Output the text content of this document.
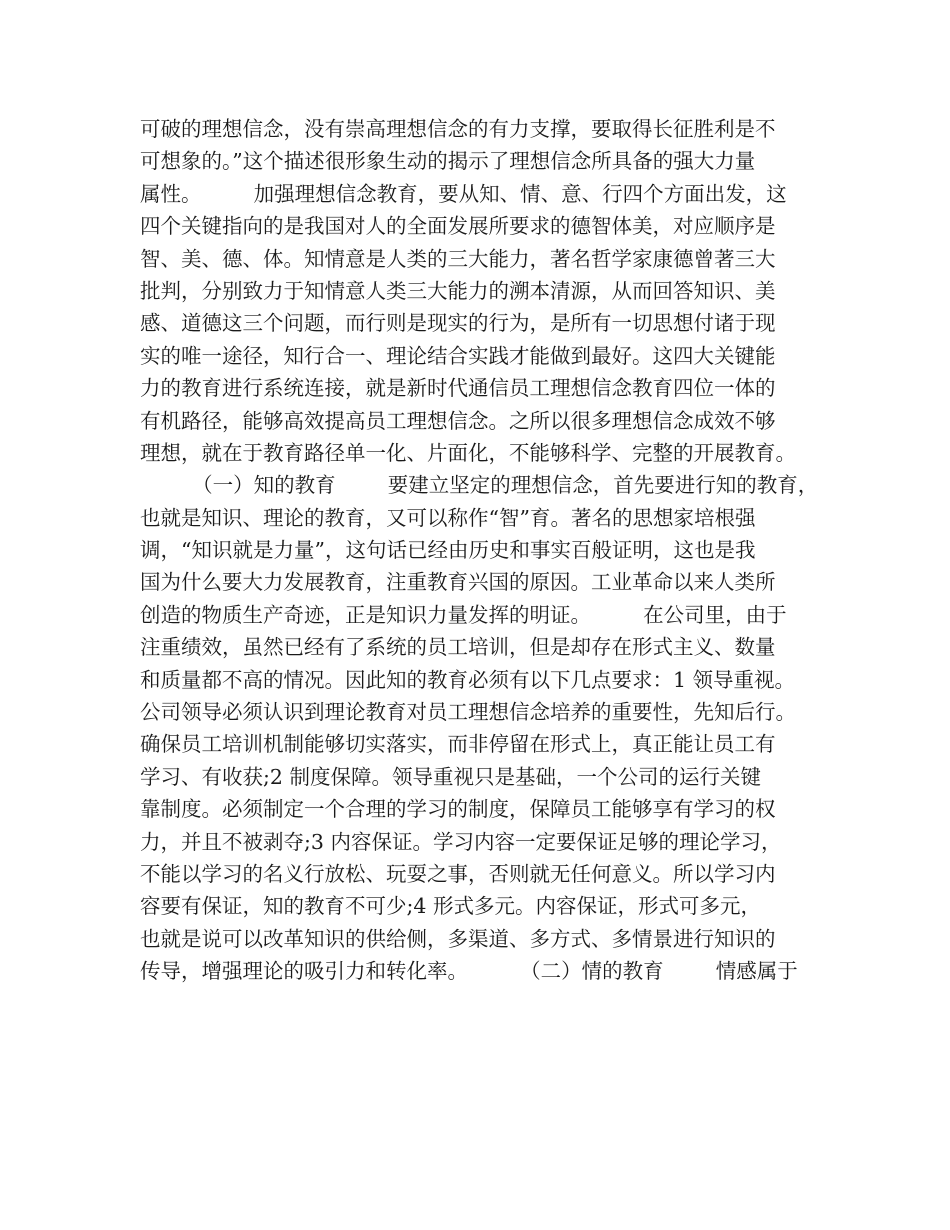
可破的理想信念，没有崇高理想信念的有力支撑，要取得长征胜利是不
可想象的。”这个描述很形象生动的揭示了理想信念所具备的强大力量
属性。        加强理想信念教育，要从知、情、意、行四个方面出发，这
四个关键指向的是我国对人的全面发展所要求的德智体美，对应顺序是
智、美、德、体。知情意是人类的三大能力，著名哲学家康德曾著三大
批判，分别致力于知情意人类三大能力的溯本清源，从而回答知识、美
感、道德这三个问题，而行则是现实的行为，是所有一切思想付诸于现
实的唯一途径，知行合一、理论结合实践才能做到最好。这四大关键能
力的教育进行系统连接，就是新时代通信员工理想信念教育四位一体的
有机路径，能够高效提高员工理想信念。之所以很多理想信念成效不够
理想，就在于教育路径单一化、片面化，不能够科学、完整的开展教育。
（一）知的教育        要建立坚定的理想信念，首先要进行知的教育，
也就是知识、理论的教育，又可以称作“智”育。著名的思想家培根强
调，“知识就是力量”，这句话已经由历史和事实百般证明，这也是我
国为什么要大力发展教育，注重教育兴国的原因。工业革命以来人类所
创造的物质生产奇迹，正是知识力量发挥的明证。        在公司里，由于
注重绩效，虽然已经有了系统的员工培训，但是却存在形式主义、数量
和质量都不高的情况。因此知的教育必须有以下几点要求：1 领导重视。
公司领导必须认识到理论教育对员工理想信念培养的重要性，先知后行。
确保员工培训机制能够切实落实，而非停留在形式上，真正能让员工有
学习、有收获;2 制度保障。领导重视只是基础，一个公司的运行关键
靠制度。必须制定一个合理的学习的制度，保障员工能够享有学习的权
力，并且不被剥夺;3 内容保证。学习内容一定要保证足够的理论学习，
不能以学习的名义行放松、玩耍之事，否则就无任何意义。所以学习内
容要有保证，知的教育不可少;4 形式多元。内容保证，形式可多元，
也就是说可以改革知识的供给侧，多渠道、多方式、多情景进行知识的
传导，增强理论的吸引力和转化率。        （二）情的教育        情感属于
